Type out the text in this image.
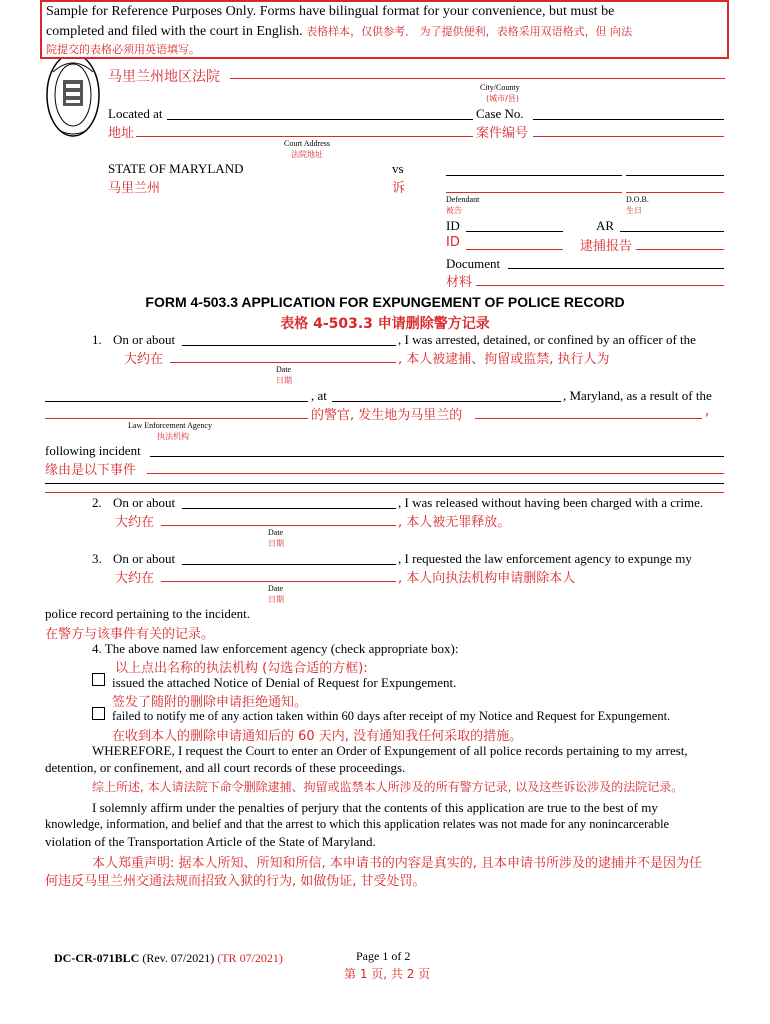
Sample for Reference Purposes Only. Forms have bilingual format for your convenience, but must be
completed and filed with the court in English. 表格样本，仅供参考． 为了提供便利，表格采用双语格式，但 向法
院提交的表格必须用英语填写。
马里兰州地区法院
City/County
(城市/县)
Located at
地址
Case No.
案件编号
Court Address
法院地址
STATE OF MARYLAND
马里兰州
vs
诉
Defendant
被告
D.O.B.
生日
ID	AR
ID	逮捕报告
Document
材料
FORM 4-503.3 APPLICATION FOR EXPUNGEMENT OF POLICE RECORD
表格 4-503.3 申请删除警方记录
1. On or about	, I was arrested, detained, or confined by an officer of the
大约在	, 本人被逮捕、拘留或监禁, 执行人为
Date
日期
, at	, Maryland, as a result of the
的警官, 发生地为马里兰的	,
Law Enforcement Agency
执法机构
following incident
缘由是以下事件
2. On or about	, I was released without having been charged with a crime.
大约在	, 本人被无罪释放。
Date
日期
3. On or about	, I requested the law enforcement agency to expunge my
大约在	, 本人向执法机构申请删除本人
Date
日期
police record pertaining to the incident.
在警方与该事件有关的记录。
4. The above named law enforcement agency (check appropriate box):
以上点出名称的执法机构 (勾选合适的方框):
issued the attached Notice of Denial of Request for Expungement.
签发了随附的删除申请拒绝通知。
failed to notify me of any action taken within 60 days after receipt of my Notice and Request for Expungement.
在收到本人的删除申请通知后的 60 天内, 没有通知我任何采取的措施。
WHEREFORE, I request the Court to enter an Order of Expungement of all police records pertaining to my arrest,
detention, or confinement, and all court records of these proceedings.
综上所述, 本人请法院下命令删除逮捕、拘留或监禁本人所涉及的所有警方记录, 以及这些诉讼涉及的法院记录。
I solemnly affirm under the penalties of perjury that the contents of this application are true to the best of my
knowledge, information, and belief and that the arrest to which this application relates was not made for any nonincarcerable
violation of the Transportation Article of the State of Maryland.
本人郑重声明: 据本人所知、所知和所信, 本申请书的内容是真实的, 且本申请书所涉及的逮捕并不是因为任
何违反马里兰州交通法规而招致入狱的行为, 如做伪证, 甘受处罚。
DC-CR-071BLC (Rev. 07/2021) (TR 07/2021)	Page 1 of 2
第 1 页, 共 2 页
